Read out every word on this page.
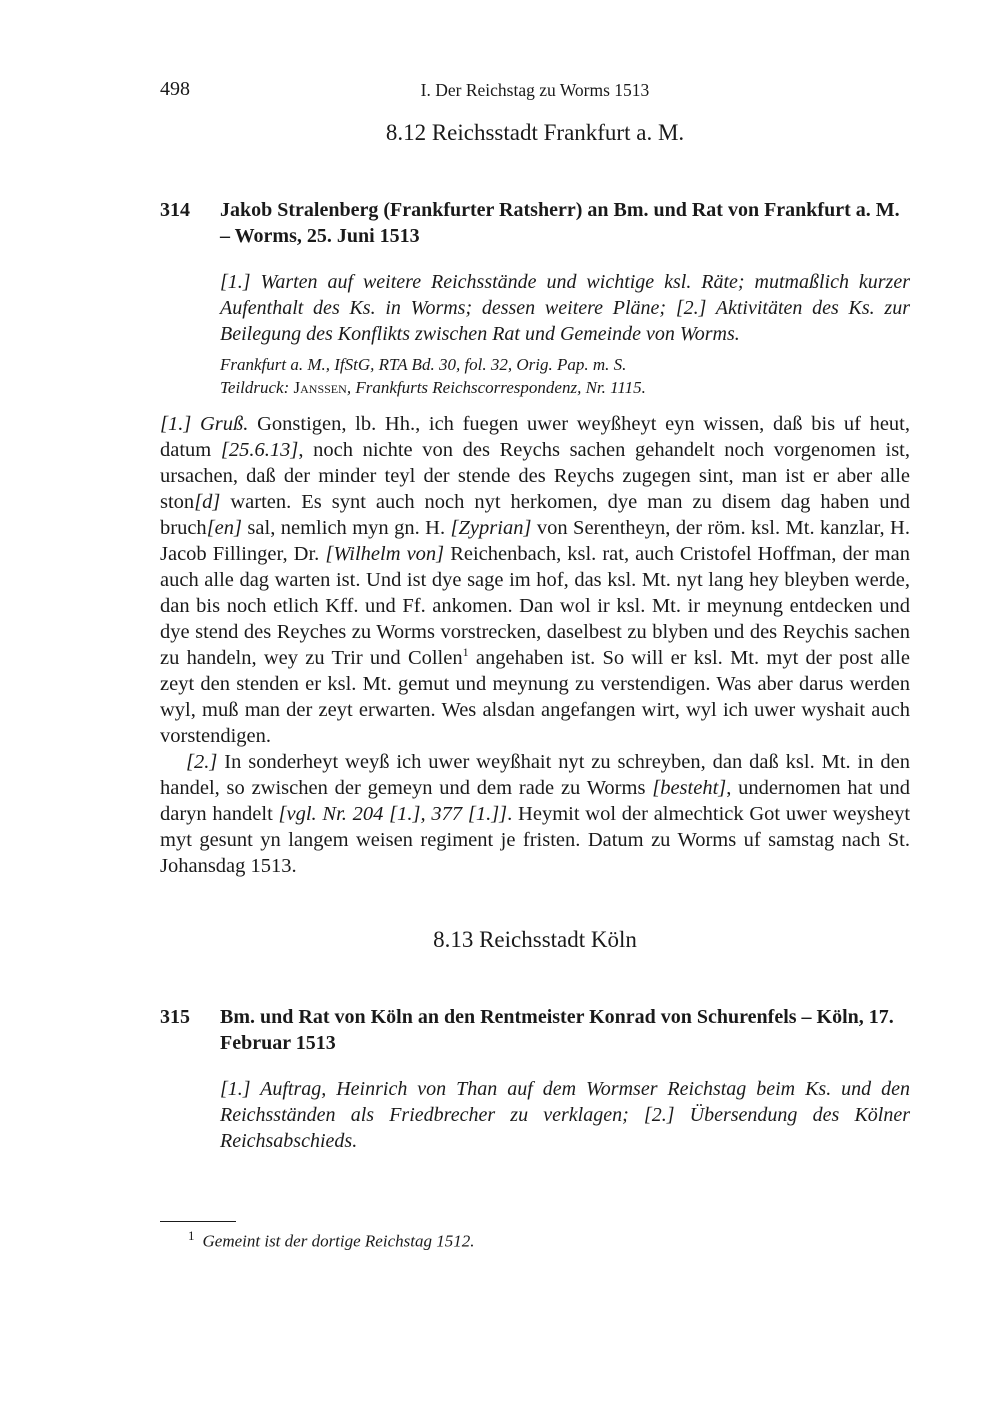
498	I. Der Reichstag zu Worms 1513
8.12 Reichsstadt Frankfurt a. M.
314	Jakob Stralenberg (Frankfurter Ratsherr) an Bm. und Rat von Frankfurt a. M. – Worms, 25. Juni 1513
[1.] Warten auf weitere Reichsstände und wichtige ksl. Räte; mutmaßlich kurzer Aufenthalt des Ks. in Worms; dessen weitere Pläne; [2.] Aktivitäten des Ks. zur Beilegung des Konflikts zwischen Rat und Gemeinde von Worms.
Frankfurt a. M., IfStG, RTA Bd. 30, fol. 32, Orig. Pap. m. S.
Teildruck: Janssen, Frankfurts Reichscorrespondenz, Nr. 1115.

[1.] Gruß. Gonstigen, lb. Hh., ich fuegen uwer weyßheyt eyn wissen, daß bis uf heut, datum [25.6.13], noch nichte von des Reychs sachen gehandelt noch vorgenomen ist, ursachen, daß der minder teyl der stende des Reychs zugegen sint, man ist er aber alle ston[d] warten. Es synt auch noch nyt herkomen, dye man zu disem dag haben und bruch[en] sal, nemlich myn gn. H. [Zyprian] von Serentheyn, der röm. ksl. Mt. kanzlar, H. Jacob Fillinger, Dr. [Wilhelm von] Reichenbach, ksl. rat, auch Cristofel Hoffman, der man auch alle dag warten ist. Und ist dye sage im hof, das ksl. Mt. nyt lang hey bleyben werde, dan bis noch etlich Kff. und Ff. ankomen. Dan wol ir ksl. Mt. ir meynung entdecken und dye stend des Reyches zu Worms vorstrecken, daselbest zu blyben und des Reychis sachen zu handeln, wey zu Trir und Collen$^1$ angehaben ist. So will er ksl. Mt. myt der post alle zeyt den stenden er ksl. Mt. gemut und meynung zu verstendigen. Was aber darus werden wyl, muß man der zeyt erwarten. Wes alsdan angefangen wirt, wyl ich uwer wyshait auch vorstendigen.

[2.] In sonderheyt weyß ich uwer weyßhait nyt zu schreyben, dan daß ksl. Mt. in den handel, so zwischen der gemeyn und dem rade zu Worms [besteht], undernomen hat und daryn handelt [vgl. Nr. 204 [1.], 377 [1.]]. Heymit wol der almechtick Got uwer weysheyt myt gesunt yn langem weisen regiment je fristen. Datum zu Worms uf samstag nach St. Johansdag 1513.

8.13 Reichsstadt Köln
315	Bm. und Rat von Köln an den Rentmeister Konrad von Schurenfels – Köln, 17. Februar 1513
[1.] Auftrag, Heinrich von Than auf dem Wormser Reichstag beim Ks. und den Reichsständen als Friedbrecher zu verklagen; [2.] Übersendung des Kölner Reichsabschieds.
$^1$ Gemeint ist der dortige Reichstag 1512.
